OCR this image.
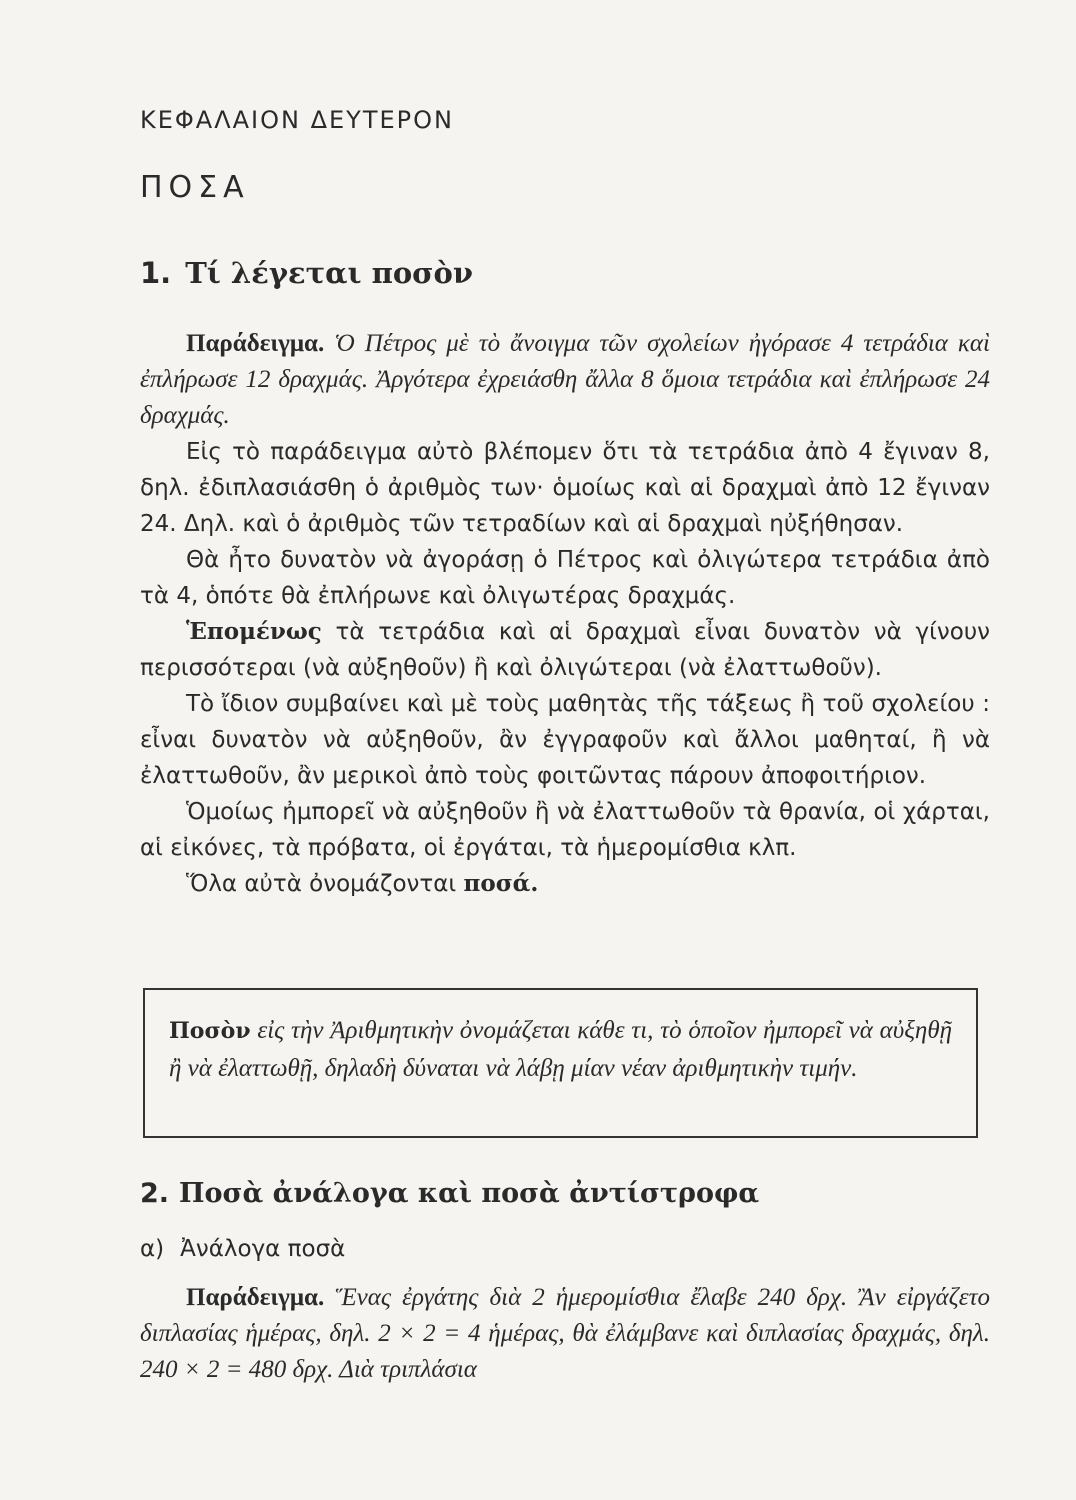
ΚΕΦΑΛΑΙΟΝ ΔΕΥΤΕΡΟΝ
ΠΟΣΑ
1. Τί λέγεται ποσὸν

Παράδειγμα. Ὁ Πέτρος μὲ τὸ ἄνοιγμα τῶν σχολείων ἠγόρασε 4 τετράδια καὶ ἐπλήρωσε 12 δραχμάς. Ἀργότερα ἐχρειάσθη ἄλλα 8 ὅμοια τετράδια καὶ ἐπλήρωσε 24 δραχμάς.

Εἰς τὸ παράδειγμα αὐτὸ βλέπομεν ὅτι τὰ τετράδια ἀπὸ 4 ἔγιναν 8, δηλ. ἐδιπλασιάσθη ὁ ἀριθμὸς των· ὁμοίως καὶ αἱ δραχμαὶ ἀπὸ 12 ἔγιναν 24. Δηλ. καὶ ὁ ἀριθμὸς τῶν τετραδίων καὶ αἱ δραχμαὶ ηὐξήθησαν.

Θὰ ἦτο δυνατὸν νὰ ἀγοράσῃ ὁ Πέτρος καὶ ὀλιγώτερα τετράδια ἀπὸ τὰ 4, ὁπότε θὰ ἐπλήρωνε καὶ ὀλιγωτέρας δραχμάς.

Ἑπομένως τὰ τετράδια καὶ αἱ δραχμαὶ εἶναι δυνατὸν νὰ γίνουν περισσότεραι (νὰ αὐξηθοῦν) ἢ καὶ ὀλιγώτεραι (νὰ ἐλαττωθοῦν).

Τὸ ἴδιον συμβαίνει καὶ μὲ τοὺς μαθητὰς τῆς τάξεως ἢ τοῦ σχολείου : εἶναι δυνατὸν νὰ αὐξηθοῦν, ἂν ἐγγραφοῦν καὶ ἄλλοι μαθηταί, ἢ νὰ ἐλαττωθοῦν, ἂν μερικοὶ ἀπὸ τοὺς φοιτῶντας πάρουν ἀποφοιτήριον.

Ὁμοίως ἠμπορεῖ νὰ αὐξηθοῦν ἢ νὰ ἐλαττωθοῦν τὰ θρανία, οἱ χάρται, αἱ εἰκόνες, τὰ πρόβατα, οἱ ἐργάται, τὰ ἡμερομίσθια κλπ.

Ὅλα αὐτὰ ὀνομάζονται ποσά.

Ποσὸν εἰς τὴν Ἀριθμητικὴν ὀνομάζεται κάθε τι, τὸ ὁποῖον ἠμπορεῖ νὰ αὐξηθῇ ἢ νὰ ἐλαττωθῇ, δηλαδὴ δύναται νὰ λάβῃ μίαν νέαν ἀριθμητικὴν τιμήν.
2. Ποσὰ ἀνάλογα καὶ ποσὰ ἀντίστροφα
α) Ἀνάλογα ποσὰ

Παράδειγμα. Ἕνας ἐργάτης διὰ 2 ἡμερομίσθια ἔλαβε 240 δρχ. Ἂν εἰργάζετο διπλασίας ἡμέρας, δηλ. 2 × 2 = 4 ἡμέρας, θὰ ἐλάμβανε καὶ διπλασίας δραχμάς, δηλ. 240 × 2 = 480 δρχ. Διὰ τριπλάσια
